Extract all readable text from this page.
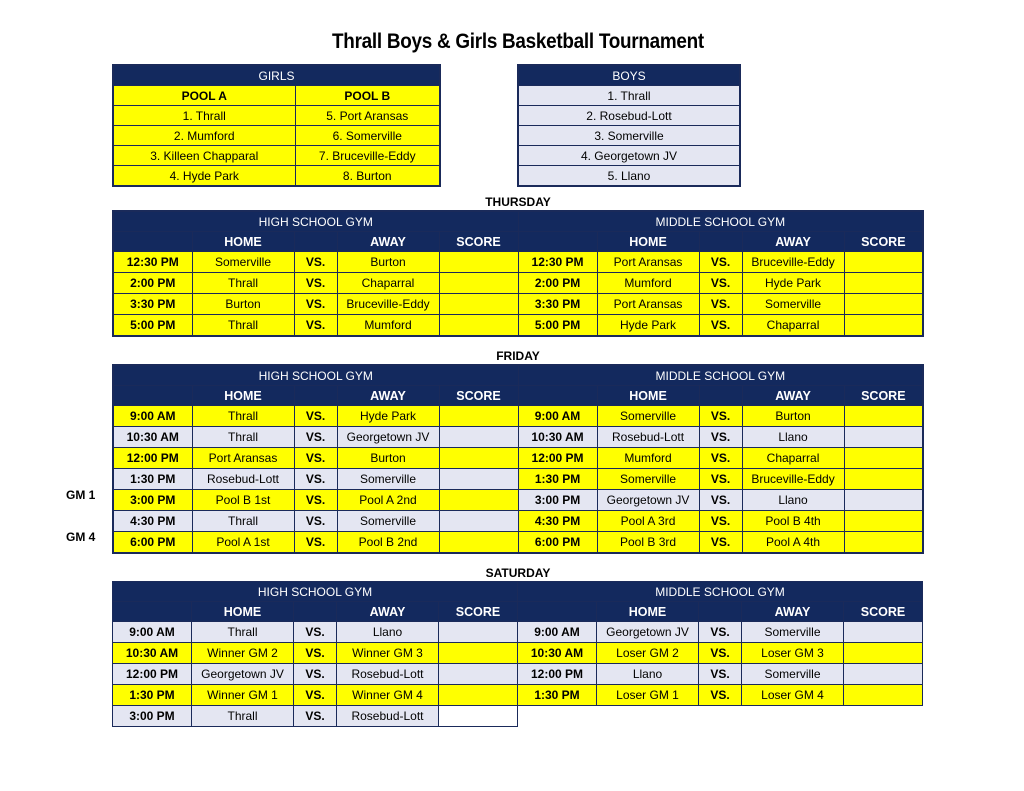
Thrall Boys & Girls Basketball Tournament
GIRLS	
POOL A	POOL B
1. Thrall	5. Port Aransas
2. Mumford	6. Somerville
3. Killeen Chapparal	7. Bruceville-Eddy
4. Hyde Park	8. Burton
BOYS
1. Thrall
2. Rosebud-Lott
3. Somerville
4. Georgetown JV
5. Llano
THURSDAY
HIGH SCHOOL GYM					MIDDLE SCHOOL GYM				
	HOME		AWAY	SCORE		HOME		AWAY	SCORE
12:30 PM	Somerville	VS.	Burton		12:30 PM	Port Aransas	VS.	Bruceville-Eddy	
2:00 PM	Thrall	VS.	Chaparral		2:00 PM	Mumford	VS.	Hyde Park	
3:30 PM	Burton	VS.	Bruceville-Eddy		3:30 PM	Port Aransas	VS.	Somerville	
5:00 PM	Thrall	VS.	Mumford		5:00 PM	Hyde Park	VS.	Chaparral	
FRIDAY
GM 1
GM 4
HIGH SCHOOL GYM					MIDDLE SCHOOL GYM				
	HOME		AWAY	SCORE		HOME		AWAY	SCORE
9:00 AM	Thrall	VS.	Hyde Park		9:00 AM	Somerville	VS.	Burton	
10:30 AM	Thrall	VS.	Georgetown JV		10:30 AM	Rosebud-Lott	VS.	Llano	
12:00 PM	Port Aransas	VS.	Burton		12:00 PM	Mumford	VS.	Chaparral	
1:30 PM	Rosebud-Lott	VS.	Somerville		1:30 PM	Somerville	VS.	Bruceville-Eddy	
3:00 PM	Pool B 1st	VS.	Pool A 2nd		3:00 PM	Georgetown JV	VS.	Llano	
4:30 PM	Thrall	VS.	Somerville		4:30 PM	Pool A 3rd	VS.	Pool B 4th	
6:00 PM	Pool A 1st	VS.	Pool B 2nd		6:00 PM	Pool B 3rd	VS.	Pool A 4th	
SATURDAY
HIGH SCHOOL GYM					MIDDLE SCHOOL GYM				
	HOME		AWAY	SCORE		HOME		AWAY	SCORE
9:00 AM	Thrall	VS.	Llano		9:00 AM	Georgetown JV	VS.	Somerville	
10:30 AM	Winner GM 2	VS.	Winner GM 3		10:30 AM	Loser GM 2	VS.	Loser GM 3	
12:00 PM	Georgetown JV	VS.	Rosebud-Lott		12:00 PM	Llano	VS.	Somerville	
1:30 PM	Winner GM 1	VS.	Winner GM 4		1:30 PM	Loser GM 1	VS.	Loser GM 4	
3:00 PM	Thrall	VS.	Rosebud-Lott						
